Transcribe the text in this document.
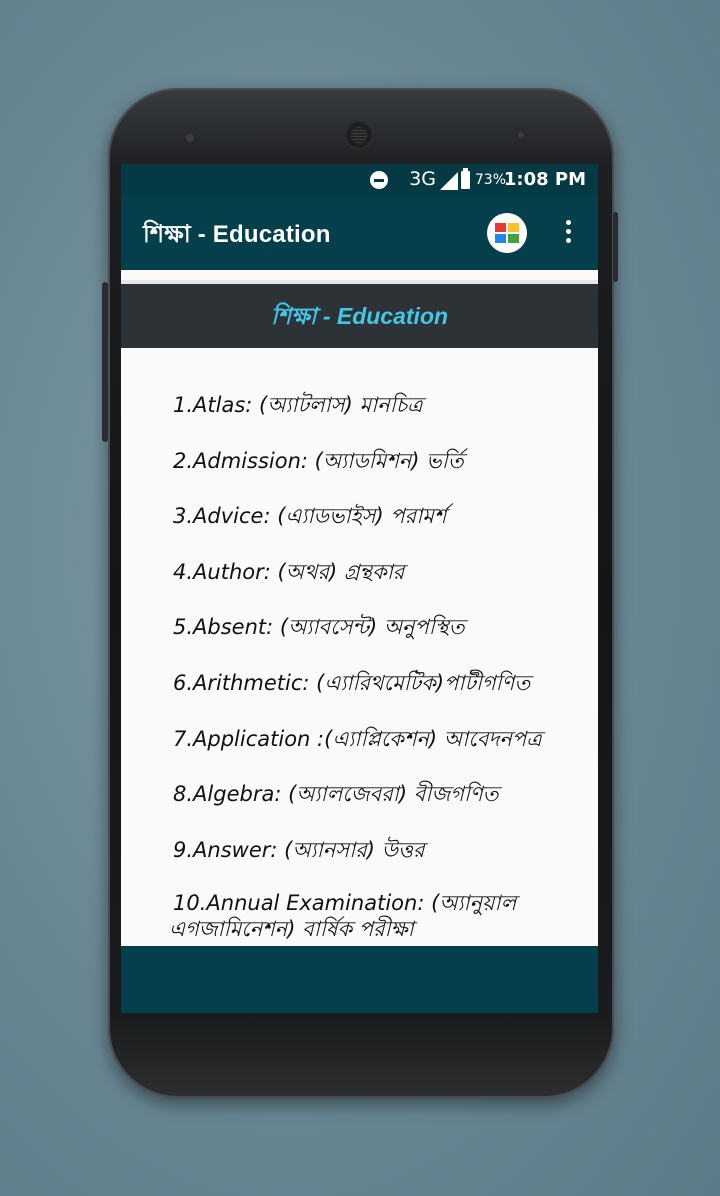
3G	73%
1:08 PM
শিক্ষা - Education
শিক্ষা - Education
1.Atlas: (অ্যাটলাস) মানচিত্র
2.Admission: (অ্যাডমিশন) ভর্তি
3.Advice: (এ্যাডভাইস) পরামর্শ
4.Author: (অথর) গ্রন্থকার
5.Absent: (অ্যাবসেন্ট) অনুপস্থিত
6.Arithmetic: (এ্যারিথমেটিক)পাটীগণিত
7.Application :(এ্যাপ্লিকেশন) আবেদনপত্র
8.Algebra: (অ্যালজেবরা) বীজগণিত
9.Answer: (অ্যানসার) উত্তর
10.Annual Examination: (অ্যানুয়াল এগজামিনেশন) বার্ষিক পরীক্ষা
